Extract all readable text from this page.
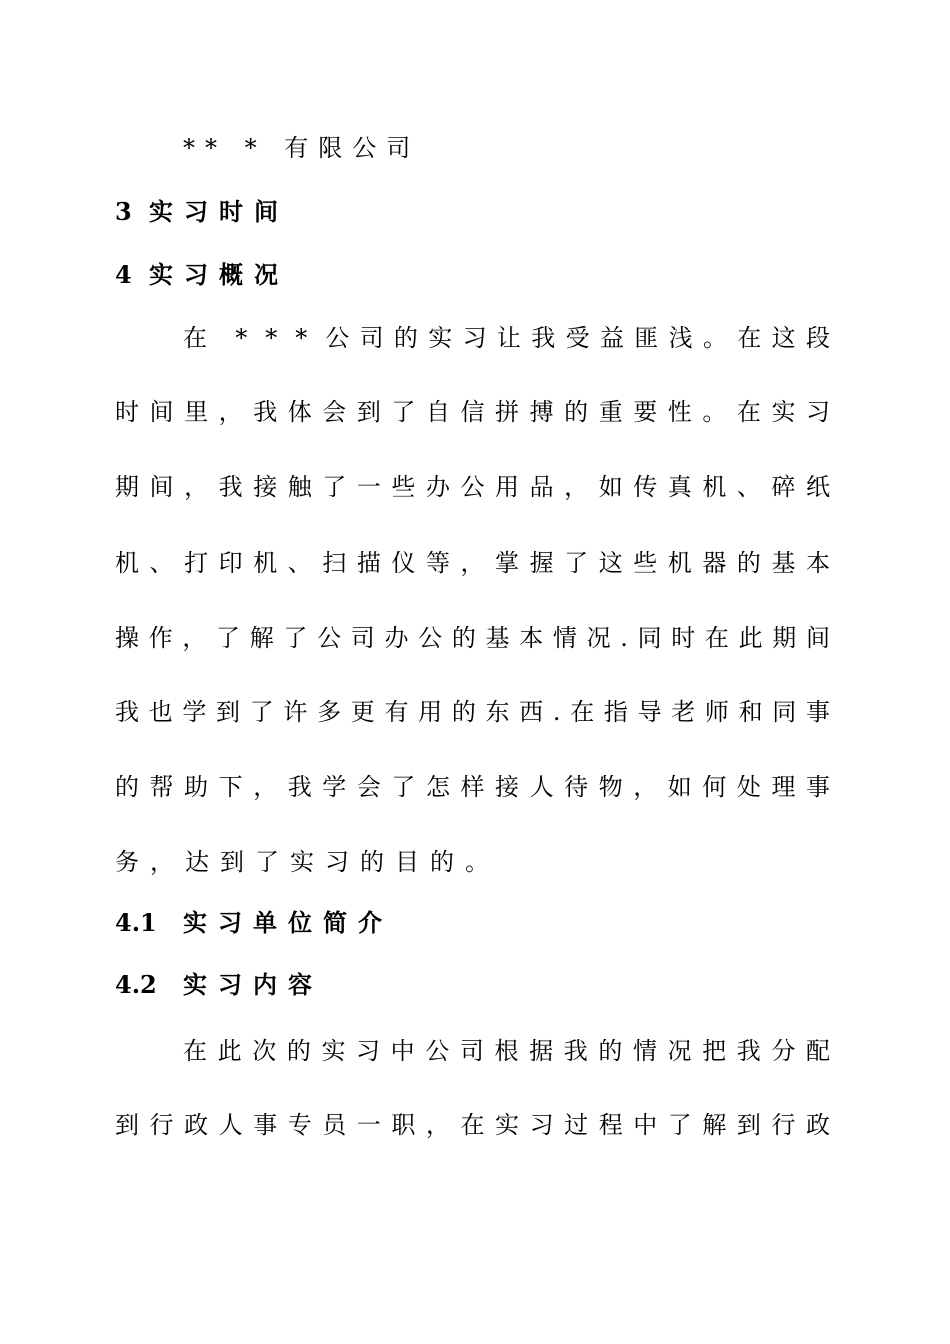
** * 有限公司
3 实习时间
4 实习概况
在 * * * 公司的实习让我受益匪浅。在这段
时间里，我体会到了自信拼搏的重要性。在实习
期间，我接触了一些办公用品，如传真机、碎纸
机、打印机、扫描仪等，掌握了这些机器的基本
操作，了解了公司办公的基本情况.同时在此期间
我也学到了许多更有用的东西.在指导老师和同事
的帮助下，我学会了怎样接人待物，如何处理事
务，达到了实习的目的。
4.1 实习单位简介
4.2 实习内容
在此次的实习中公司根据我的情况把我分配
到行政人事专员一职，在实习过程中了解到行政
